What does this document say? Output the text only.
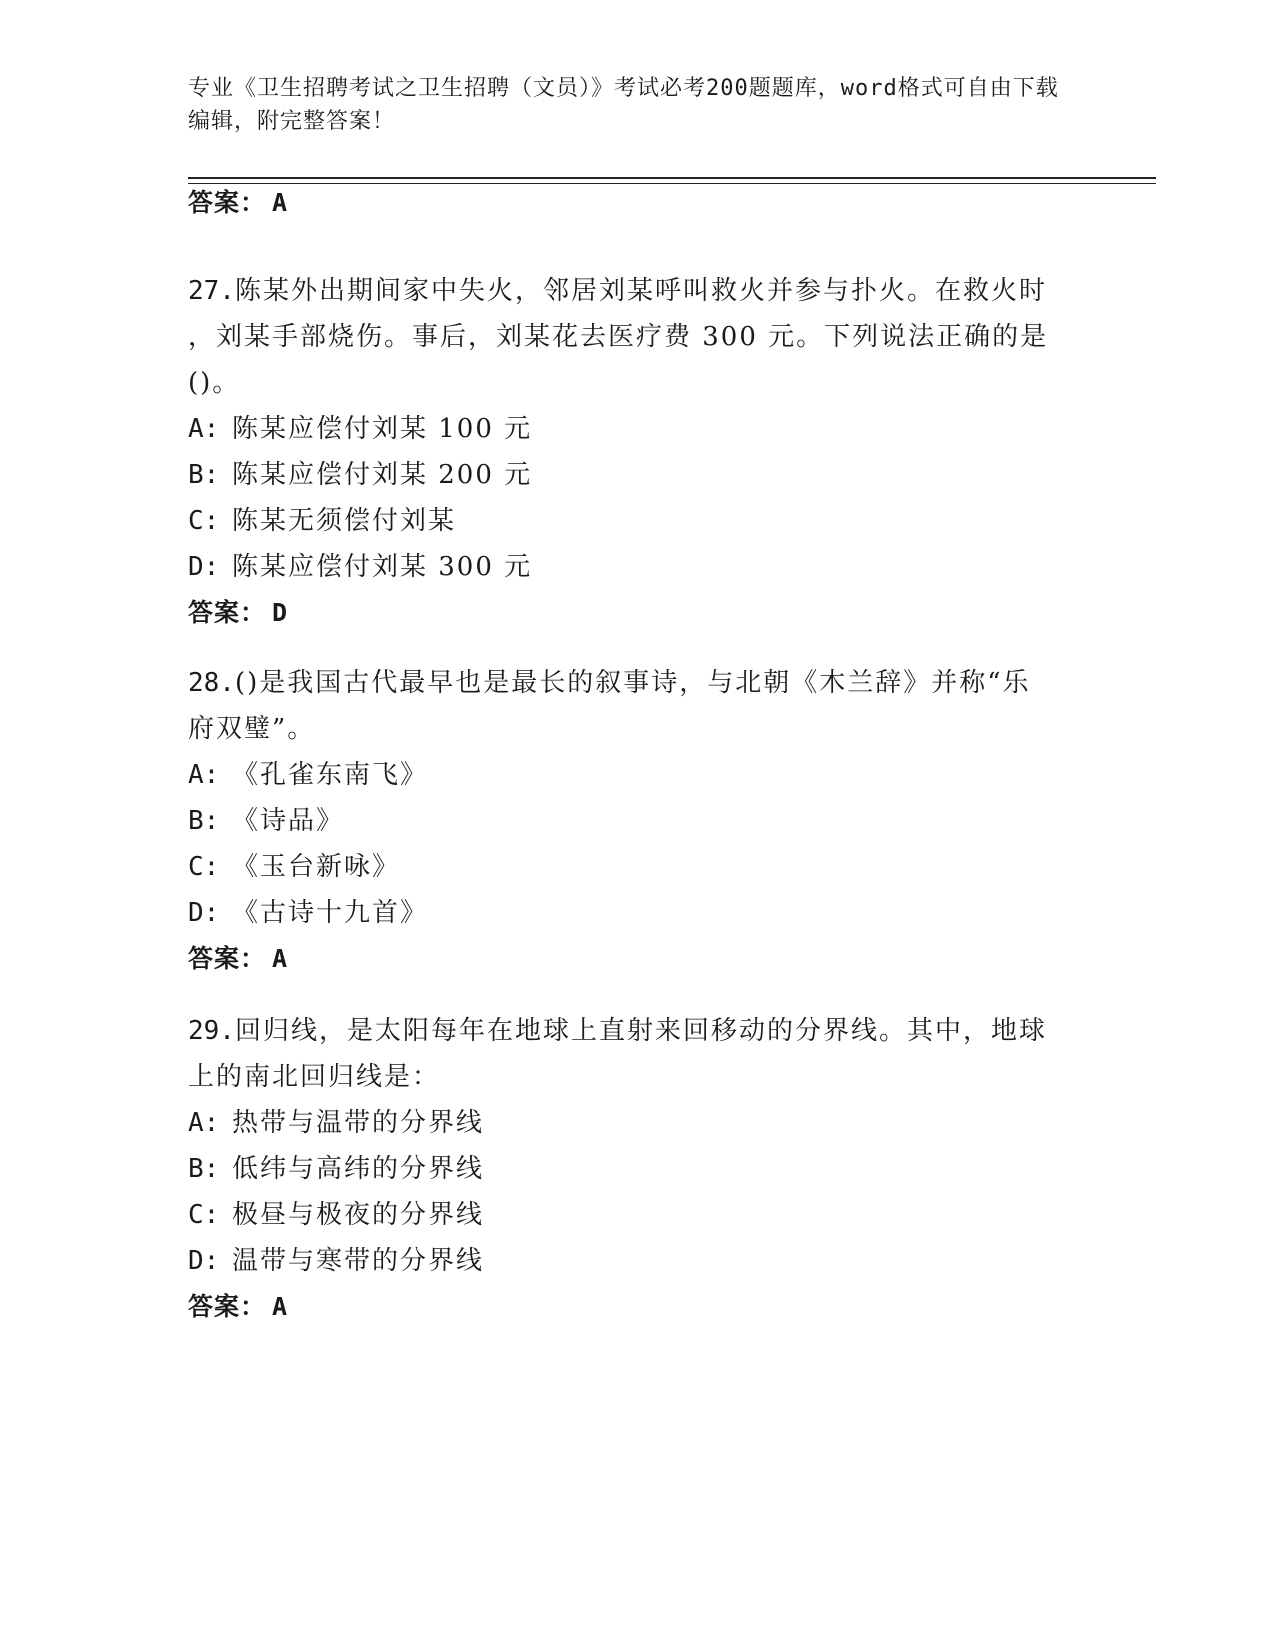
专业《卫生招聘考试之卫生招聘（文员）》考试必考200题题库，word格式可自由下载编辑，附完整答案！
答案： A
27.陈某外出期间家中失火，邻居刘某呼叫救火并参与扑火。在救火时
，刘某手部烧伤。事后，刘某花去医疗费 300 元。下列说法正确的是
()。
A: 陈某应偿付刘某 100 元
B: 陈某应偿付刘某 200 元
C: 陈某无须偿付刘某
D: 陈某应偿付刘某 300 元
答案： D
28.()是我国古代最早也是最长的叙事诗，与北朝《木兰辞》并称“乐
府双璧”。
A: 《孔雀东南飞》
B: 《诗品》
C: 《玉台新咏》
D: 《古诗十九首》
答案： A
29.回归线，是太阳每年在地球上直射来回移动的分界线。其中，地球
上的南北回归线是：
A: 热带与温带的分界线
B: 低纬与高纬的分界线
C: 极昼与极夜的分界线
D: 温带与寒带的分界线
答案： A
